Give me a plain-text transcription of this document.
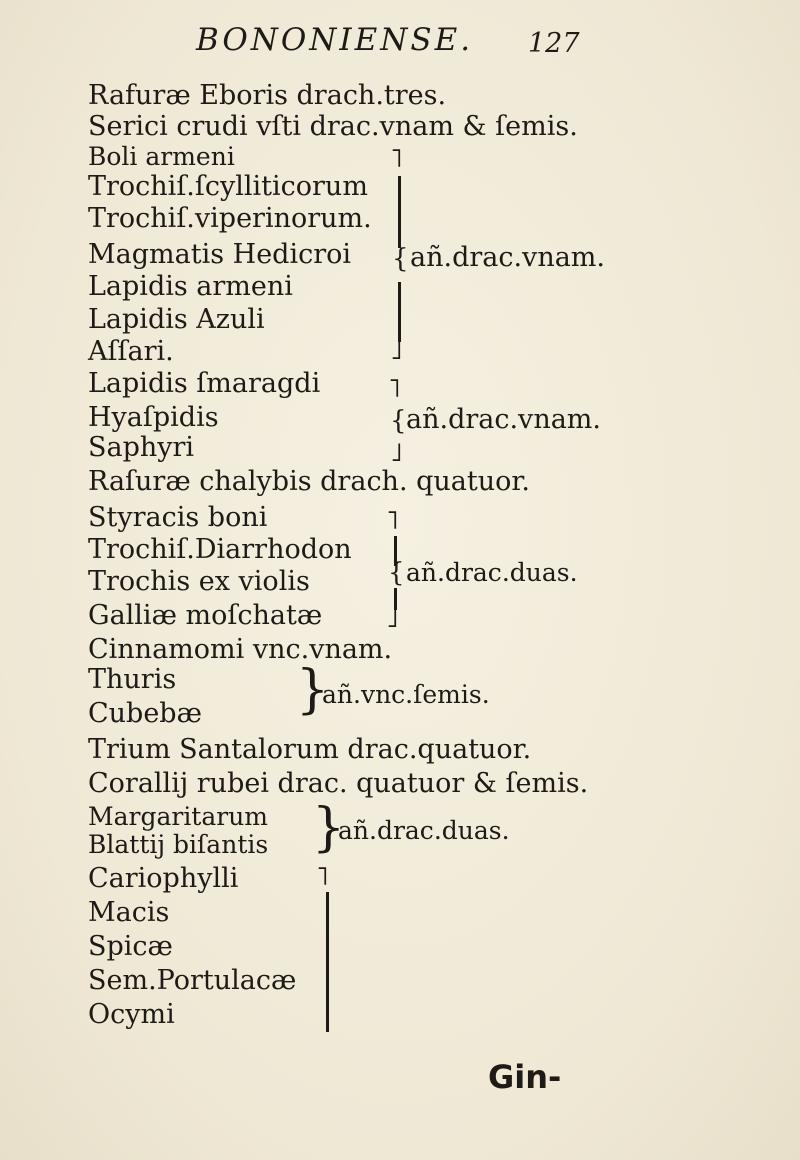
BONONIENSE. 127
Rafuræ Eboris drach.tres.
Serici crudi vſti drac.vnam & ſemis.
Boli armeni
Trochiſ.ſcylliticorum
Trochiſ.viperinorum.
Magmatis Hedicroi
Lapidis armeni
Lapidis Azuli
Aſſari.
Lapidis ſmaragdi
Hyaſpidis
Saphyri
Raſuræ chalybis drach. quatuor.
Styracis boni
Trochiſ.Diarrhodon
Trochis ex violis
Galliæ moſchatæ
Cinnamomi vnc.vnam.
Thuris
Cubebæ
Trium Santalorum drac.quatuor.
Corallij rubei drac. quatuor & ſemis.
Margaritarum
Blattij biſantis
Cariophylli
Macis
Spicæ
Sem.Portulacæ
Ocymi
˥
{
˩
añ.drac.vnam.
˥
{
˩
añ.drac.vnam.
˥
{
˩
añ.drac.duas.
}
añ.vnc.ſemis.
}
añ.drac.duas.
˥
Gin-
